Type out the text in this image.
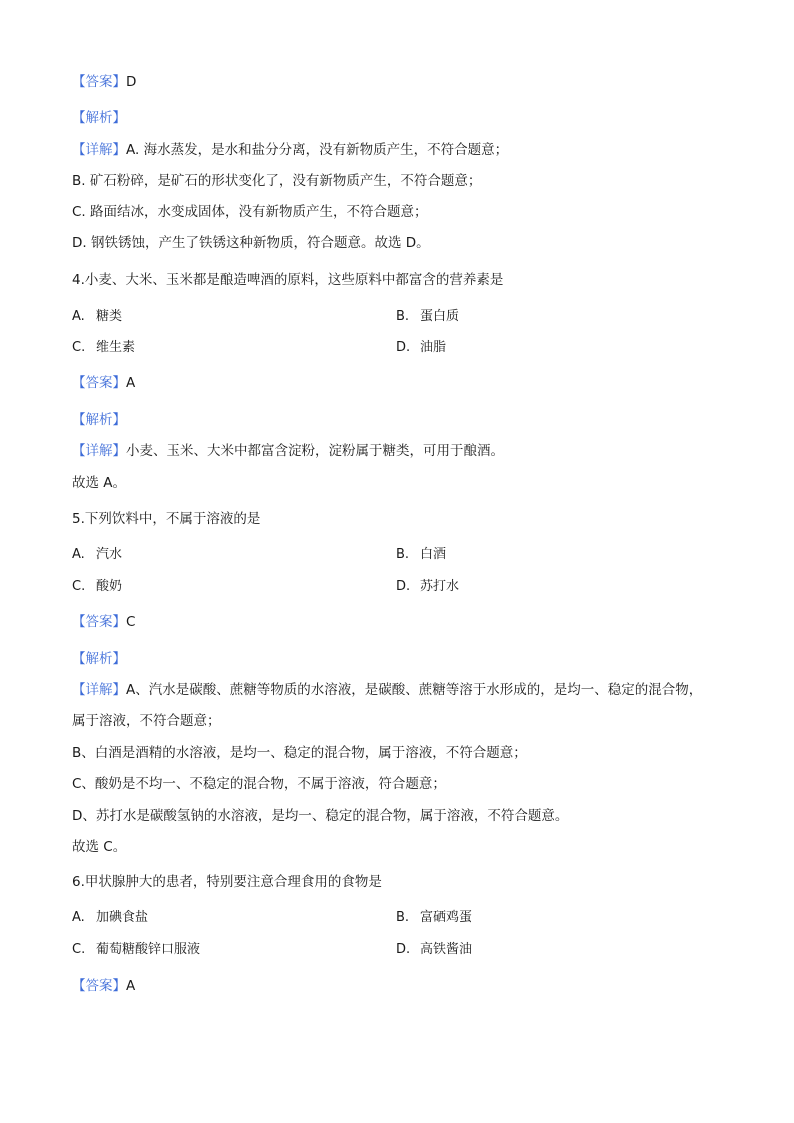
【答案】D
【解析】
【详解】A. 海水蒸发，是水和盐分分离，没有新物质产生，不符合题意；
B. 矿石粉碎，是矿石的形状变化了，没有新物质产生，不符合题意；
C. 路面结冰，水变成固体，没有新物质产生，不符合题意；
D. 钢铁锈蚀，产生了铁锈这种新物质，符合题意。故选 D。
4.小麦、大米、玉米都是酿造啤酒的原料，这些原料中都富含的营养素是
A. 糖类	B. 蛋白质
C. 维生素	D. 油脂
【答案】A
【解析】
【详解】小麦、玉米、大米中都富含淀粉，淀粉属于糖类，可用于酿酒。
故选 A。
5.下列饮料中，不属于溶液的是
A. 汽水	B. 白酒
C. 酸奶	D. 苏打水
【答案】C
【解析】
【详解】A、汽水是碳酸、蔗糖等物质的水溶液，是碳酸、蔗糖等溶于水形成的，是均一、稳定的混合物，
属于溶液，不符合题意；
B、白酒是酒精的水溶液，是均一、稳定的混合物，属于溶液，不符合题意；
C、酸奶是不均一、不稳定的混合物，不属于溶液，符合题意；
D、苏打水是碳酸氢钠的水溶液，是均一、稳定的混合物，属于溶液，不符合题意。
故选 C。
6.甲状腺肿大的患者，特别要注意合理食用的食物是
A. 加碘食盐	B. 富硒鸡蛋
C. 葡萄糖酸锌口服液	D. 高铁酱油
【答案】A
